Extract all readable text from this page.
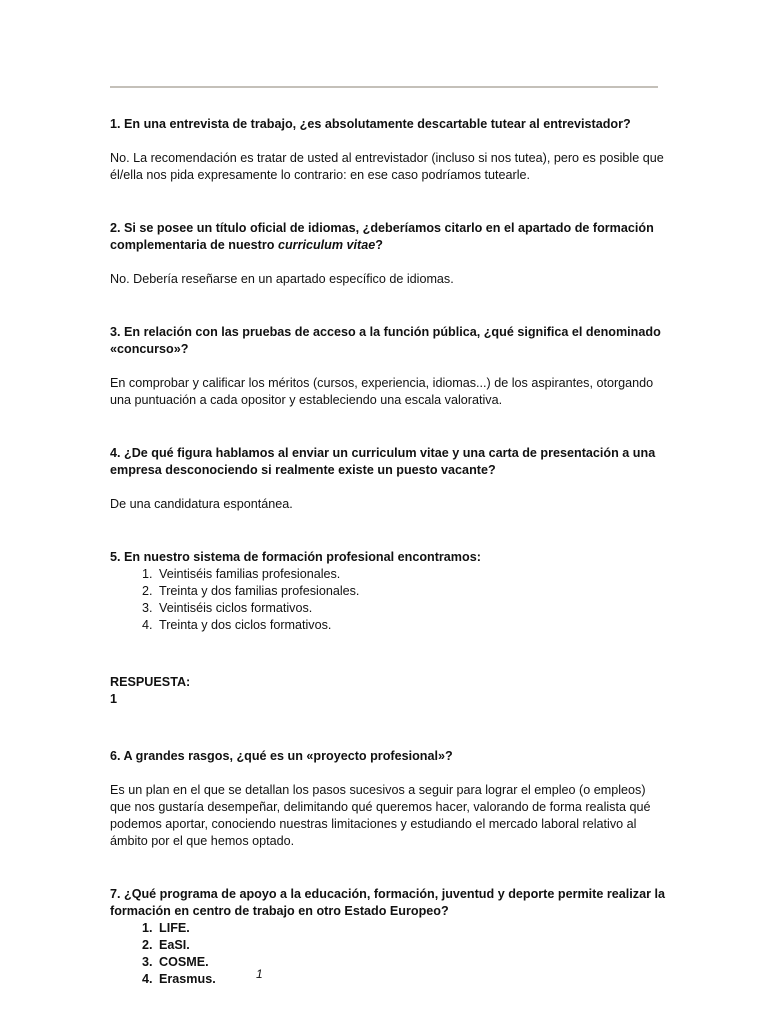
1. En una entrevista de trabajo, ¿es absolutamente descartable tutear al entrevistador?

No. La recomendación es tratar de usted al entrevistador (incluso si nos tutea), pero es posible que él/ella nos pida expresamente lo contrario: en ese caso podríamos tutearle.

2. Si se posee un título oficial de idiomas, ¿deberíamos citarlo en el apartado de formación complementaria de nuestro curriculum vitae?

No. Debería reseñarse en un apartado específico de idiomas.

3. En relación con las pruebas de acceso a la función pública, ¿qué significa el denominado «concurso»?

En comprobar y calificar los méritos (cursos, experiencia, idiomas...) de los aspirantes, otorgando una puntuación a cada opositor y estableciendo una escala valorativa.

4. ¿De qué figura hablamos al enviar un curriculum vitae y una carta de presentación a una empresa desconociendo si realmente existe un puesto vacante?

De una candidatura espontánea.

5. En nuestro sistema de formación profesional encontramos:

1. Veintiséis familias profesionales.
2. Treinta y dos familias profesionales.
3. Veintiséis ciclos formativos.
4. Treinta y dos ciclos formativos.

RESPUESTA:

1

6. A grandes rasgos, ¿qué es un «proyecto profesional»?

Es un plan en el que se detallan los pasos sucesivos a seguir para lograr el empleo (o empleos) que nos gustaría desempeñar, delimitando qué queremos hacer, valorando de forma realista qué podemos aportar, conociendo nuestras limitaciones y estudiando el mercado laboral relativo al ámbito por el que hemos optado.

7. ¿Qué programa de apoyo a la educación, formación, juventud y deporte permite realizar la formación en centro de trabajo en otro Estado Europeo?

1. LIFE.
2. EaSI.
3. COSME.
4. Erasmus.	1
